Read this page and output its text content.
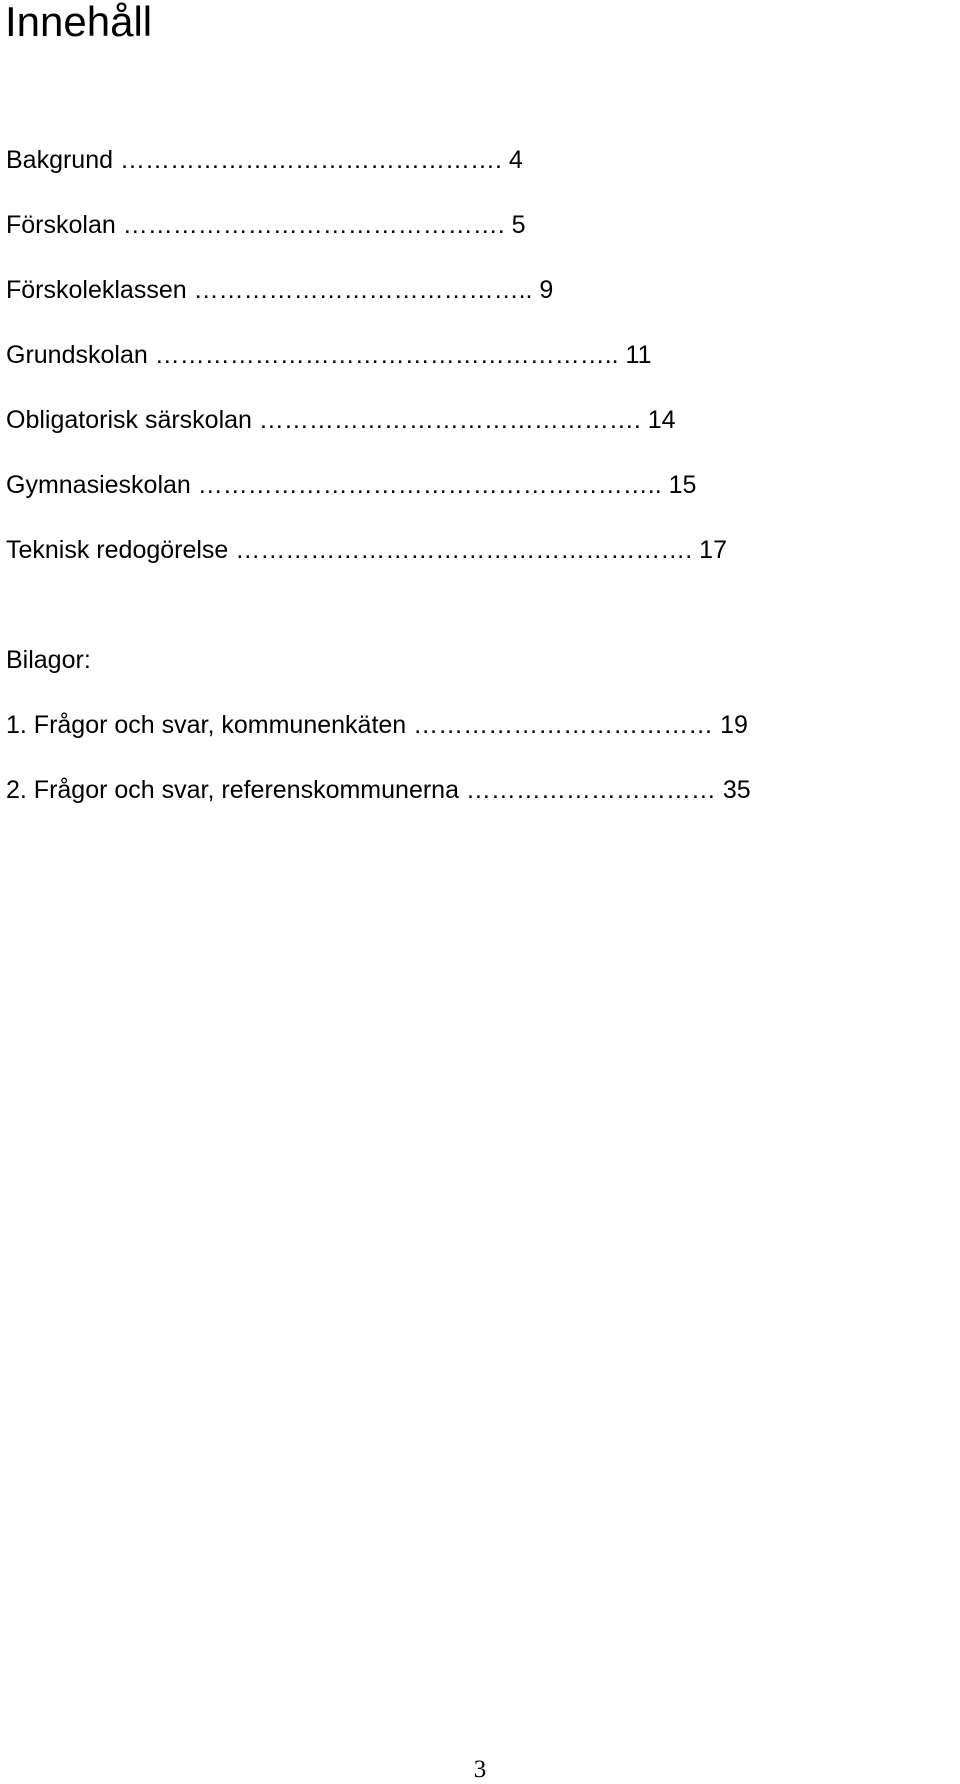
Innehåll

Bakgrund ………………………………………. 4

Förskolan ………………………………………. 5

Förskoleklassen ………………………………….. 9

Grundskolan ……………………………………………….. 11

Obligatorisk särskolan ………………………………………. 14

Gymnasieskolan ……………………………………………….. 15

Teknisk redogörelse ………………………………………………. 17

Bilagor:

1. Frågor och svar, kommunenkäten ……………………………… 19

2. Frågor och svar, referenskommunerna ………………………… 35

3
